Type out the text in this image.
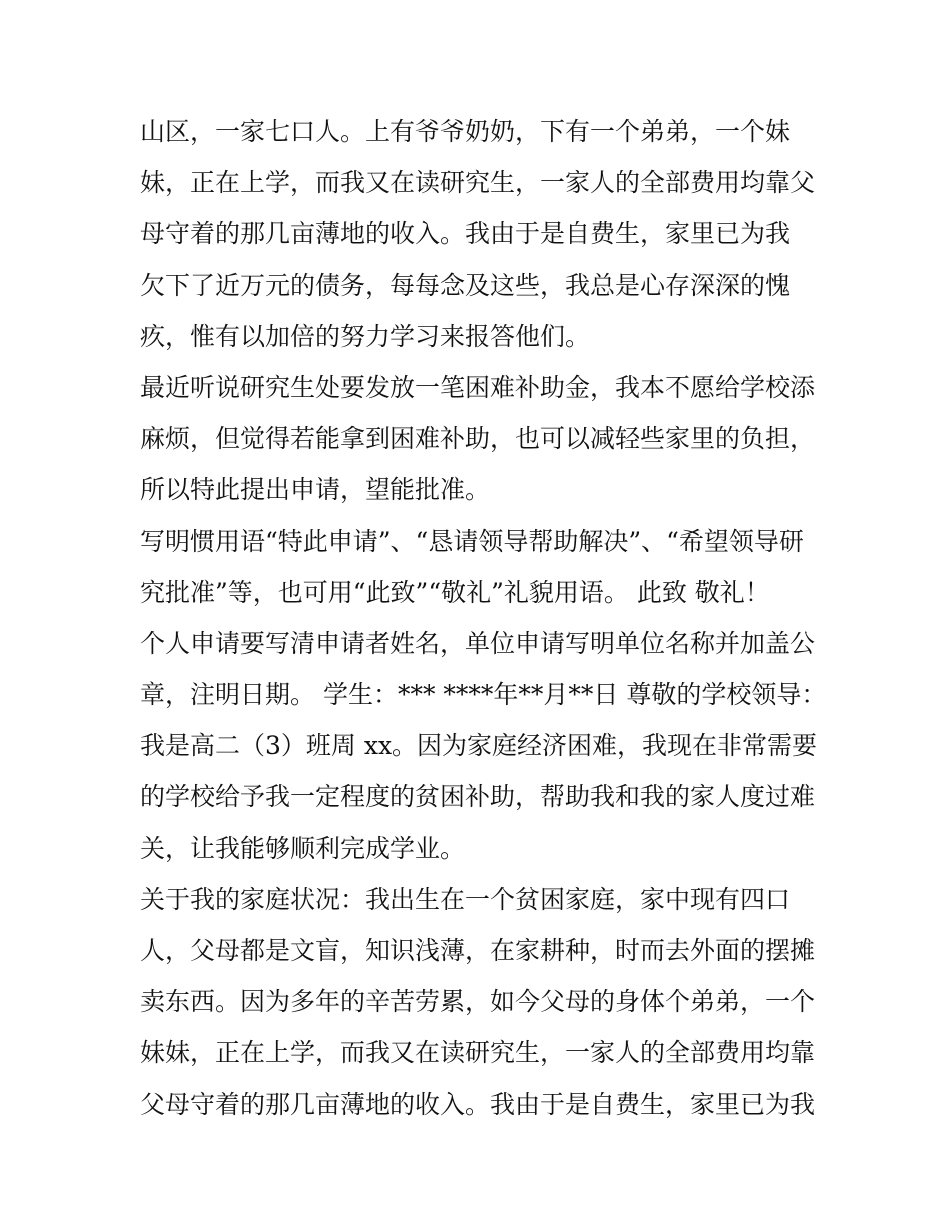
山区，一家七口人。上有爷爷奶奶，下有一个弟弟，一个妹
妹，正在上学，而我又在读研究生，一家人的全部费用均靠父
母守着的那几亩薄地的收入。我由于是自费生，家里已为我
欠下了近万元的债务，每每念及这些，我总是心存深深的愧
疚，惟有以加倍的努力学习来报答他们。
最近听说研究生处要发放一笔困难补助金，我本不愿给学校添
麻烦，但觉得若能拿到困难补助，也可以减轻些家里的负担，
所以特此提出申请，望能批准。
写明惯用语“特此申请”、“恳请领导帮助解决”、“希望领导研
究批准”等，也可用“此致”“敬礼”礼貌用语。 此致 敬礼！
个人申请要写清申请者姓名，单位申请写明单位名称并加盖公
章，注明日期。 学生：*** ****年**月**日 尊敬的学校领导：
我是高二（3）班周 xx。因为家庭经济困难，我现在非常需要
的学校给予我一定程度的贫困补助，帮助我和我的家人度过难
关，让我能够顺利完成学业。
关于我的家庭状况：我出生在一个贫困家庭，家中现有四口
人，父母都是文盲，知识浅薄，在家耕种，时而去外面的摆摊
卖东西。因为多年的辛苦劳累，如今父母的身体个弟弟，一个
妹妹，正在上学，而我又在读研究生，一家人的全部费用均靠
父母守着的那几亩薄地的收入。我由于是自费生，家里已为我
